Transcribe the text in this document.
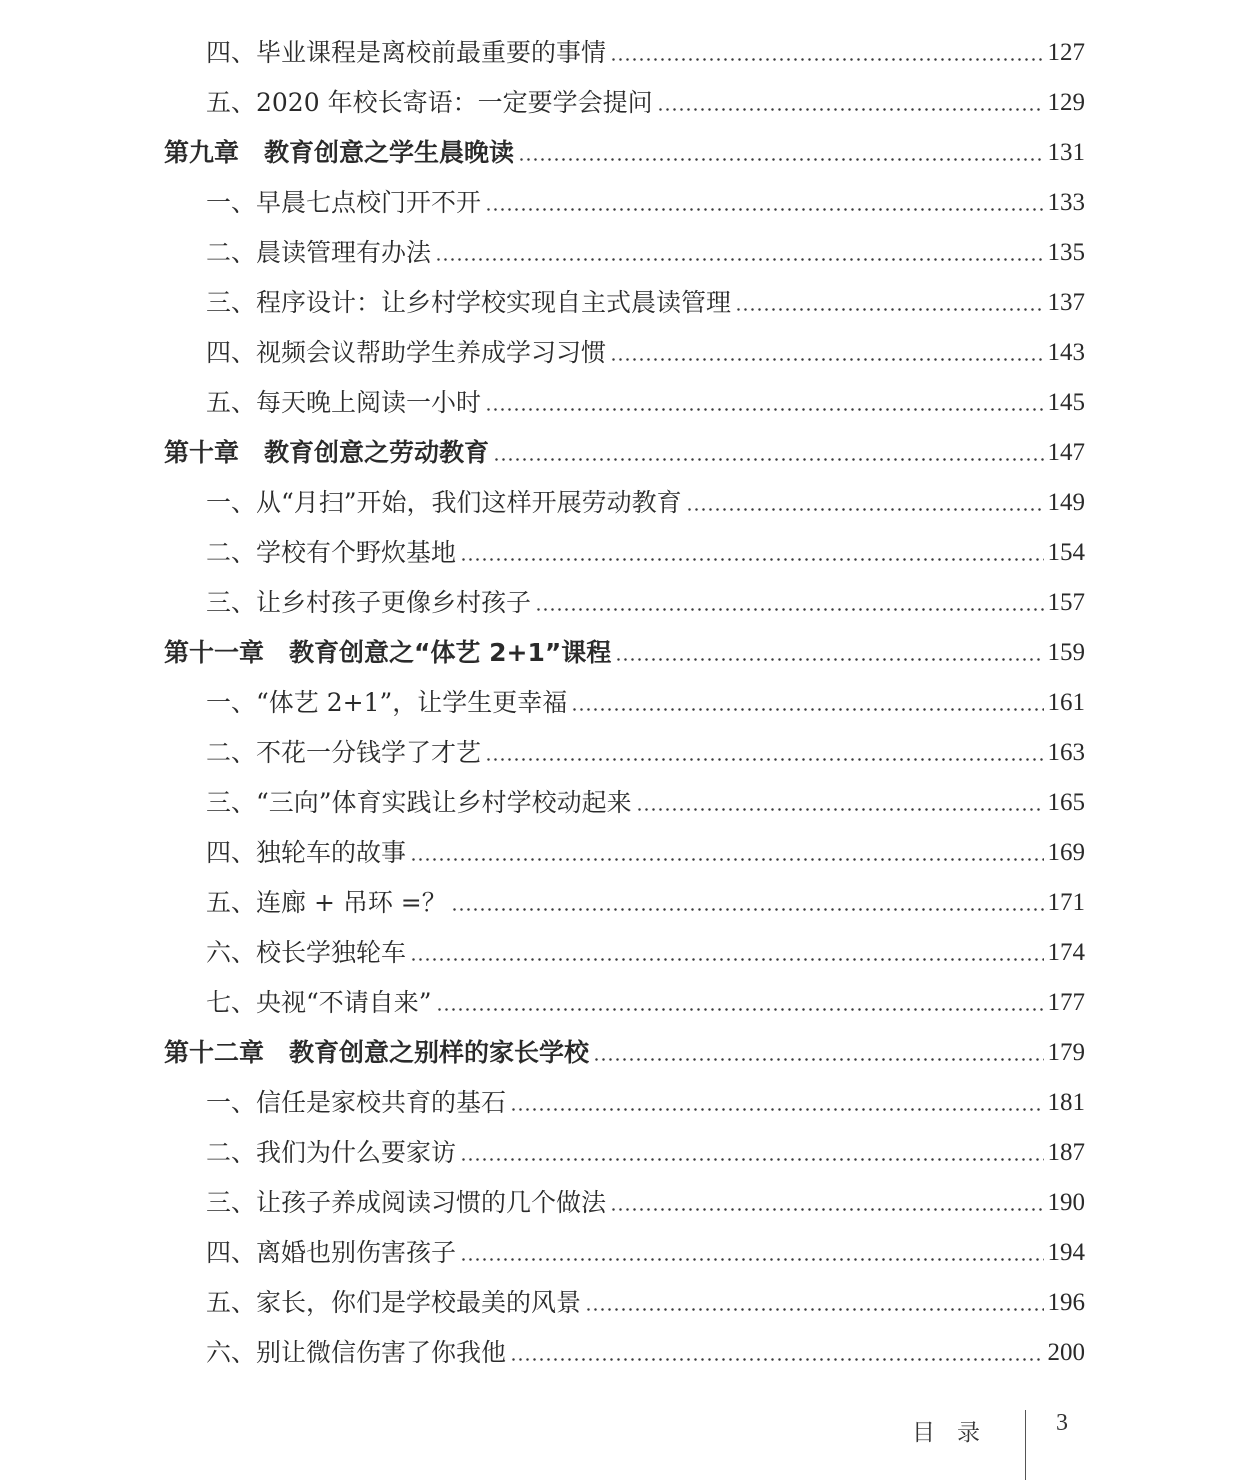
四、毕业课程是离校前最重要的事情	127
五、2020 年校长寄语：一定要学会提问	129
第九章　教育创意之学生晨晚读	131
一、早晨七点校门开不开	133
二、晨读管理有办法	135
三、程序设计：让乡村学校实现自主式晨读管理	137
四、视频会议帮助学生养成学习习惯	143
五、每天晚上阅读一小时	145
第十章　教育创意之劳动教育	147
一、从“月扫”开始，我们这样开展劳动教育	149
二、学校有个野炊基地	154
三、让乡村孩子更像乡村孩子	157
第十一章　教育创意之“体艺 2+1”课程	159
一、“体艺 2+1”，让学生更幸福	161
二、不花一分钱学了才艺	163
三、“三向”体育实践让乡村学校动起来	165
四、独轮车的故事	169
五、连廊 + 吊环 =？	171
六、校长学独轮车	174
七、央视“不请自来”	177
第十二章　教育创意之别样的家长学校	179
一、信任是家校共育的基石	181
二、我们为什么要家访	187
三、让孩子养成阅读习惯的几个做法	190
四、离婚也别伤害孩子	194
五、家长，你们是学校最美的风景	196
六、别让微信伤害了你我他	200
目录 3
